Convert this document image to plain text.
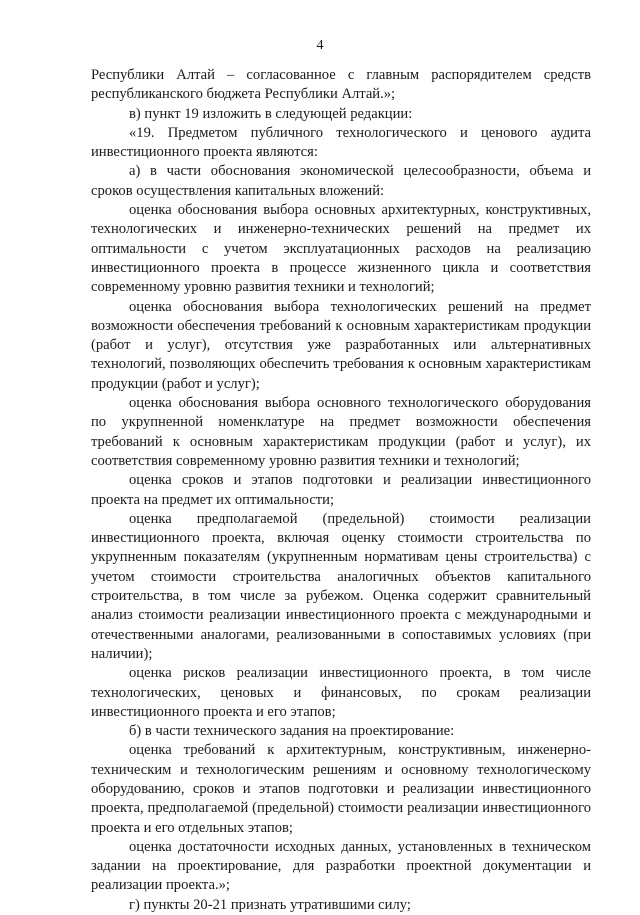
4

Республики Алтай – согласованное с главным распорядителем средств республиканского бюджета Республики Алтай.»;

в) пункт 19 изложить в следующей редакции:

«19. Предметом публичного технологического и ценового аудита инвестиционного проекта являются:

а) в части обоснования экономической целесообразности, объема и сроков осуществления капитальных вложений:

оценка обоснования выбора основных архитектурных, конструктивных, технологических и инженерно-технических решений на предмет их оптимальности с учетом эксплуатационных расходов на реализацию инвестиционного проекта в процессе жизненного цикла и соответствия современному уровню развития техники и технологий;

оценка обоснования выбора технологических решений на предмет возможности обеспечения требований к основным характеристикам продукции (работ и услуг), отсутствия уже разработанных или альтернативных технологий, позволяющих обеспечить требования к основным характеристикам продукции (работ и услуг);

оценка обоснования выбора основного технологического оборудования по укрупненной номенклатуре на предмет возможности обеспечения требований к основным характеристикам продукции (работ и услуг), их соответствия современному уровню развития техники и технологий;

оценка сроков и этапов подготовки и реализации инвестиционного проекта на предмет их оптимальности;

оценка предполагаемой (предельной) стоимости реализации инвестиционного проекта, включая оценку стоимости строительства по укрупненным показателям (укрупненным нормативам цены строительства) с учетом стоимости строительства аналогичных объектов капитального строительства, в том числе за рубежом. Оценка содержит сравнительный анализ стоимости реализации инвестиционного проекта с международными и отечественными аналогами, реализованными в сопоставимых условиях (при наличии);

оценка рисков реализации инвестиционного проекта, в том числе технологических, ценовых и финансовых, по срокам реализации инвестиционного проекта и его этапов;

б) в части технического задания на проектирование:

оценка требований к архитектурным, конструктивным, инженерно-техническим и технологическим решениям и основному технологическому оборудованию, сроков и этапов подготовки и реализации инвестиционного проекта, предполагаемой (предельной) стоимости реализации инвестиционного проекта и его отдельных этапов;

оценка достаточности исходных данных, установленных в техническом задании на проектирование, для разработки проектной документации и реализации проекта.»;

г) пункты 20-21 признать утратившими силу;
